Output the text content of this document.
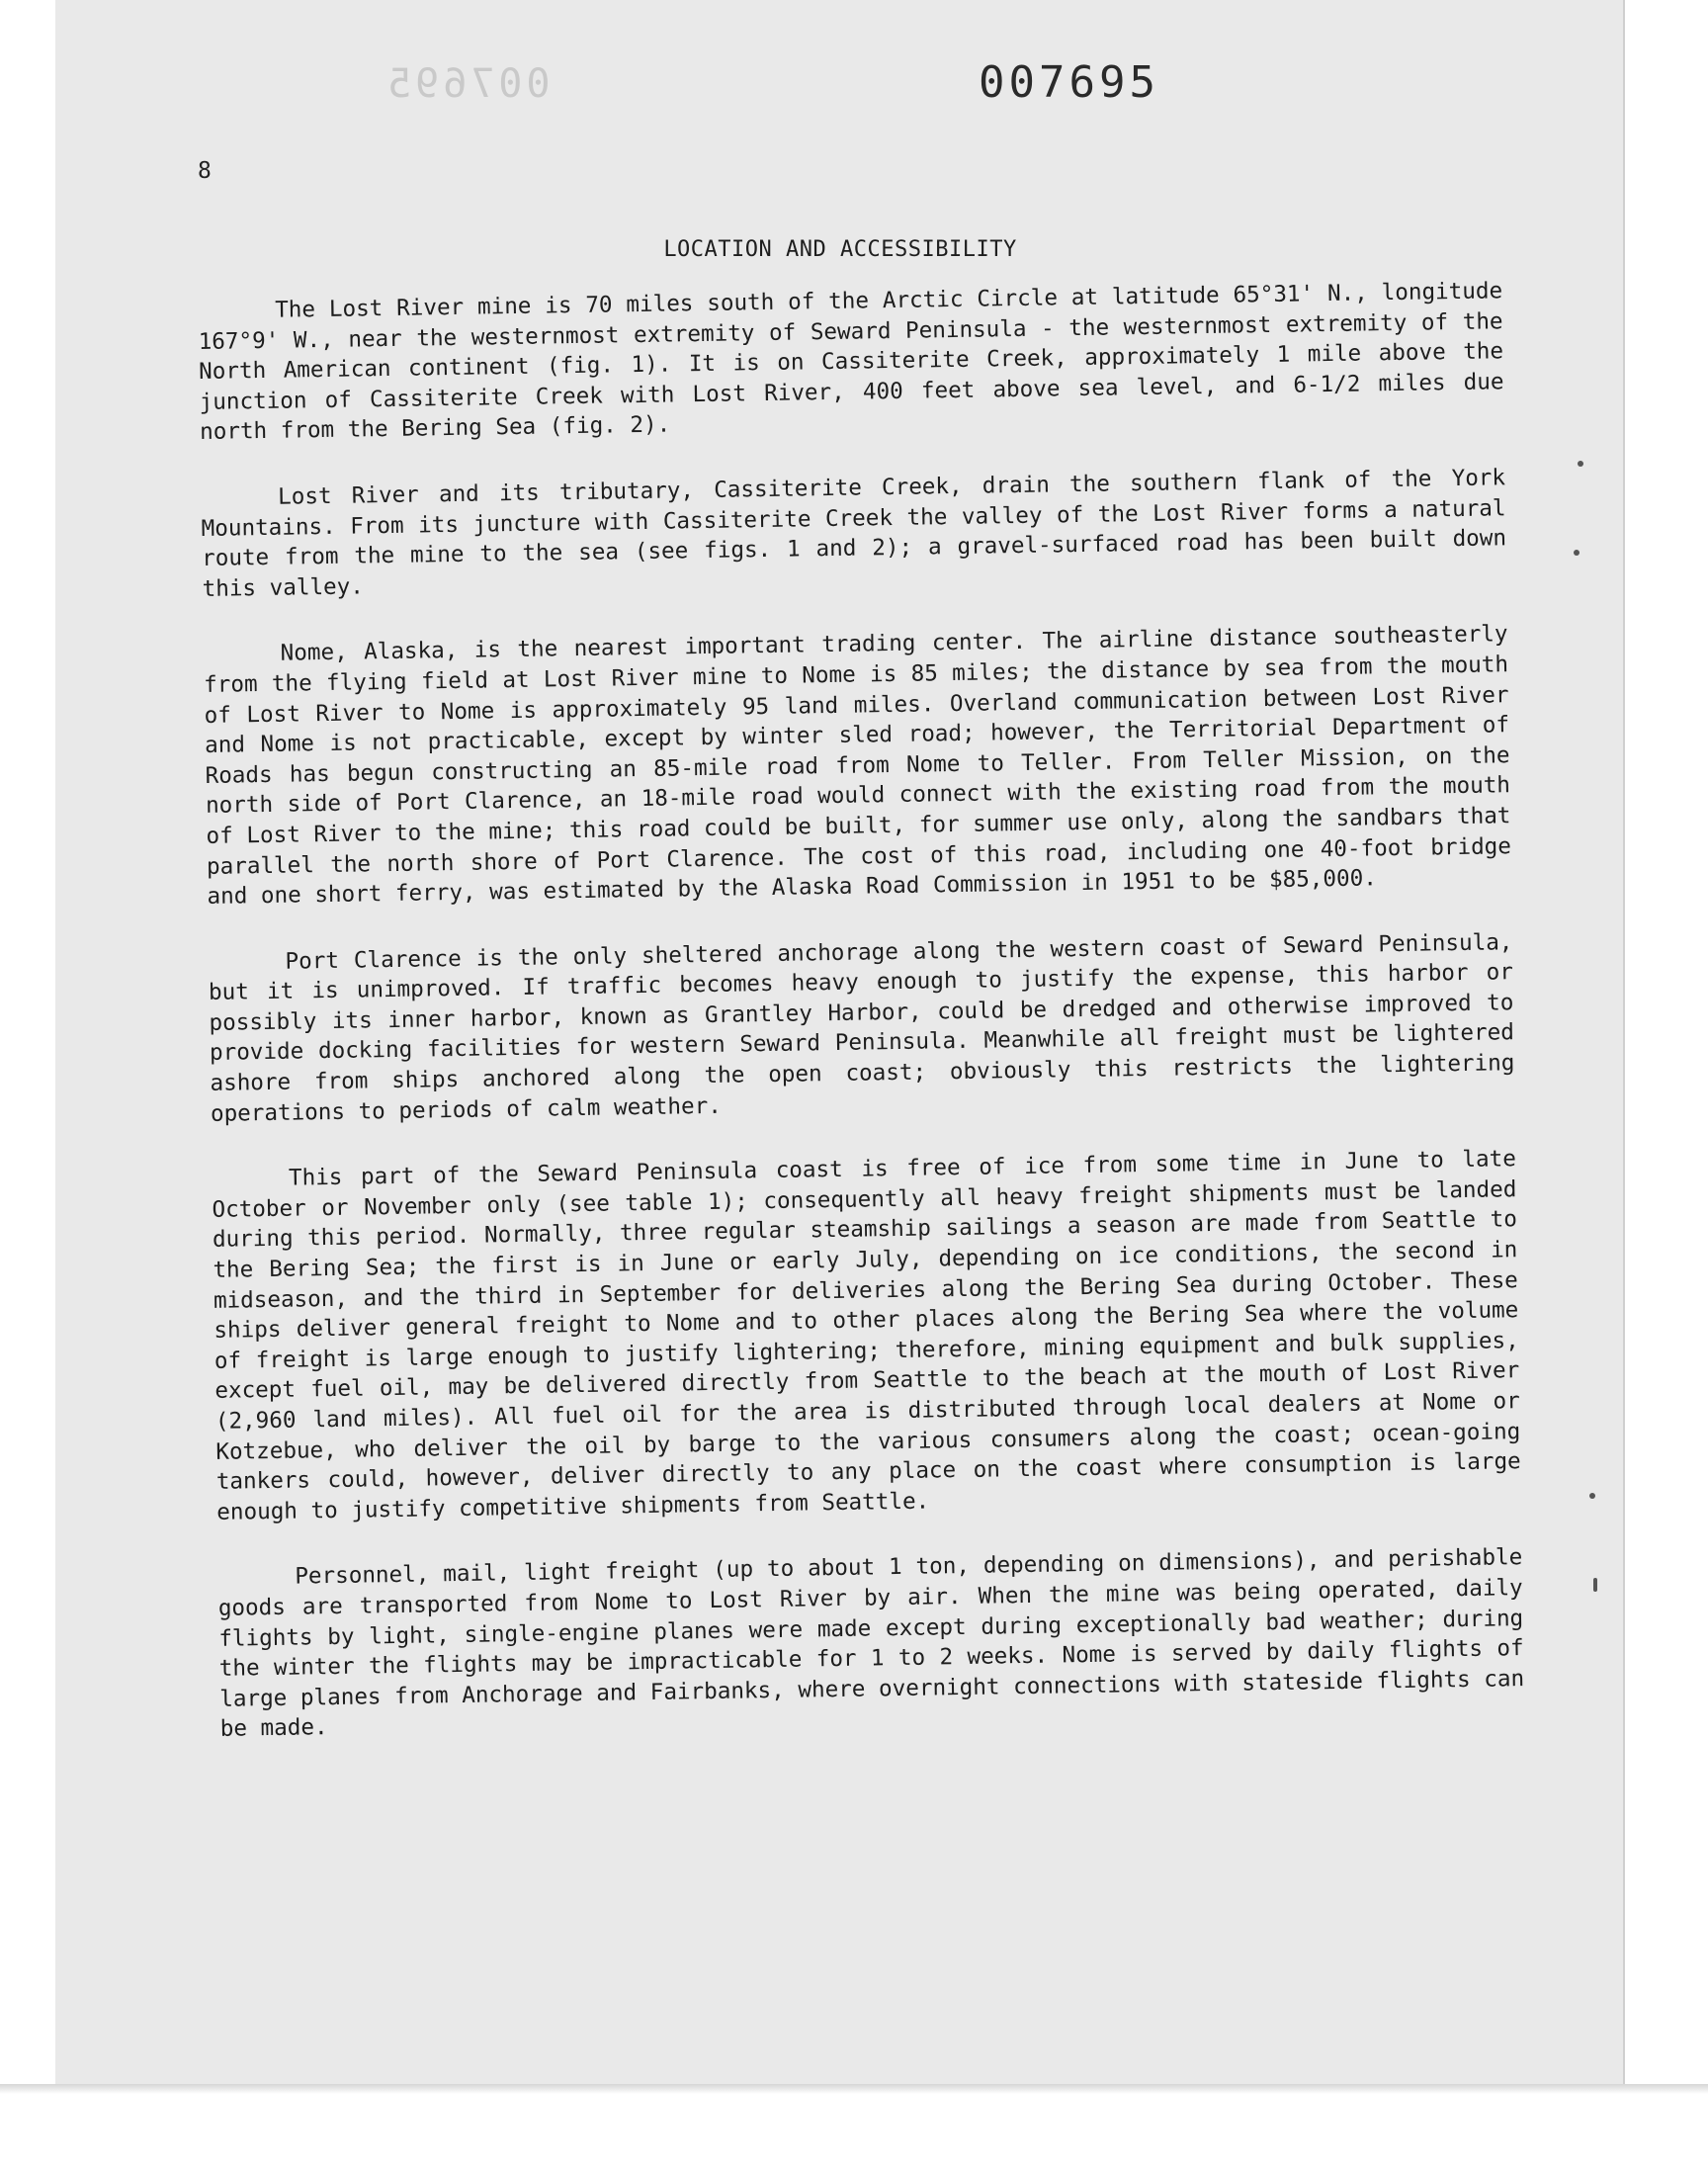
007695	007695
8
LOCATION AND ACCESSIBILITY

The Lost River mine is 70 miles south of the Arctic Circle at latitude 65°31' N., longitude 167°9' W., near the westernmost extremity of Seward Peninsula - the westernmost extremity of the North American continent (fig. 1). It is on Cassiterite Creek, approximately 1 mile above the junction of Cassiterite Creek with Lost River, 400 feet above sea level, and 6-1/2 miles due north from the Bering Sea (fig. 2).

Lost River and its tributary, Cassiterite Creek, drain the southern flank of the York Mountains. From its juncture with Cassiterite Creek the valley of the Lost River forms a natural route from the mine to the sea (see figs. 1 and 2); a gravel-surfaced road has been built down this valley.

Nome, Alaska, is the nearest important trading center. The airline distance southeasterly from the flying field at Lost River mine to Nome is 85 miles; the distance by sea from the mouth of Lost River to Nome is approximately 95 land miles. Overland communication between Lost River and Nome is not practicable, except by winter sled road; however, the Territorial Department of Roads has begun constructing an 85-mile road from Nome to Teller. From Teller Mission, on the north side of Port Clarence, an 18-mile road would connect with the existing road from the mouth of Lost River to the mine; this road could be built, for summer use only, along the sandbars that parallel the north shore of Port Clarence. The cost of this road, including one 40-foot bridge and one short ferry, was estimated by the Alaska Road Commission in 1951 to be $85,000.

Port Clarence is the only sheltered anchorage along the western coast of Seward Peninsula, but it is unimproved. If traffic becomes heavy enough to justify the expense, this harbor or possibly its inner harbor, known as Grantley Harbor, could be dredged and otherwise improved to provide docking facilities for western Seward Peninsula. Meanwhile all freight must be lightered ashore from ships anchored along the open coast; obviously this restricts the lightering operations to periods of calm weather.

This part of the Seward Peninsula coast is free of ice from some time in June to late October or November only (see table 1); consequently all heavy freight shipments must be landed during this period. Normally, three regular steamship sailings a season are made from Seattle to the Bering Sea; the first is in June or early July, depending on ice conditions, the second in midseason, and the third in September for deliveries along the Bering Sea during October. These ships deliver general freight to Nome and to other places along the Bering Sea where the volume of freight is large enough to justify lightering; therefore, mining equipment and bulk supplies, except fuel oil, may be delivered directly from Seattle to the beach at the mouth of Lost River (2,960 land miles). All fuel oil for the area is distributed through local dealers at Nome or Kotzebue, who deliver the oil by barge to the various consumers along the coast; ocean-going tankers could, however, deliver directly to any place on the coast where consumption is large enough to justify competitive shipments from Seattle.

Personnel, mail, light freight (up to about 1 ton, depending on dimensions), and perishable goods are transported from Nome to Lost River by air. When the mine was being operated, daily flights by light, single-engine planes were made except during exceptionally bad weather; during the winter the flights may be impracticable for 1 to 2 weeks. Nome is served by daily flights of large planes from Anchorage and Fairbanks, where overnight connections with stateside flights can be made.
